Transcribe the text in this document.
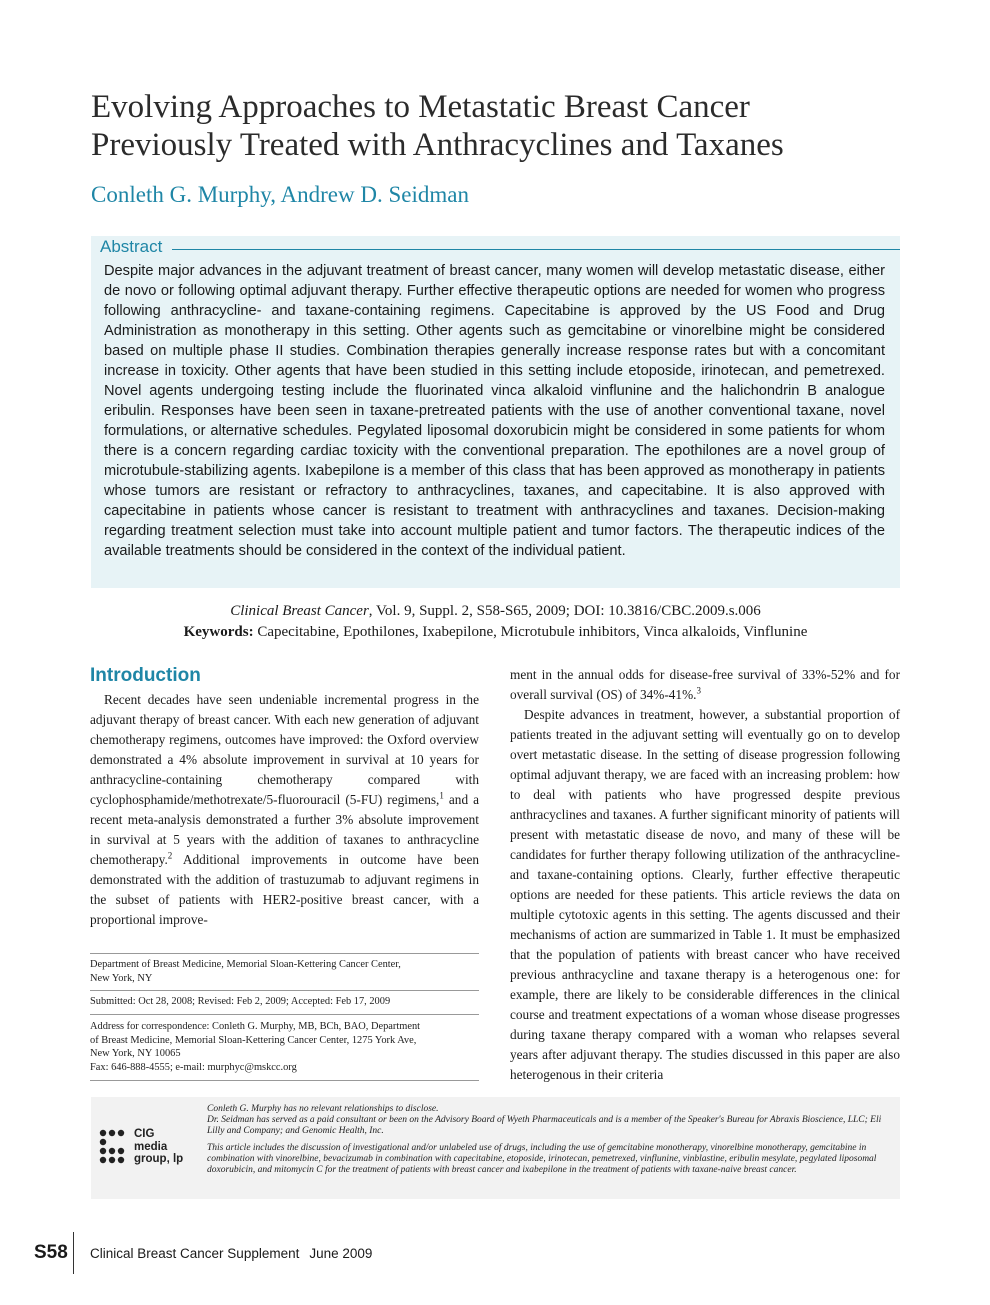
Evolving Approaches to Metastatic Breast Cancer
Previously Treated with Anthracyclines and Taxanes
Conleth G. Murphy, Andrew D. Seidman
Abstract

Despite major advances in the adjuvant treatment of breast cancer, many women will develop metastatic disease, either de novo or following optimal adjuvant therapy. Further effective therapeutic options are needed for women who progress following anthracycline- and taxane-containing regimens. Capecitabine is approved by the US Food and Drug Administration as monotherapy in this setting. Other agents such as gemcitabine or vinorelbine might be considered based on multiple phase II studies. Combination therapies generally increase response rates but with a concomitant increase in toxicity. Other agents that have been studied in this setting include etoposide, irinotecan, and pemetrexed. Novel agents undergoing testing include the fluorinated vinca alkaloid vinflunine and the halichondrin B analogue eribulin. Responses have been seen in taxane-pretreated patients with the use of another conventional taxane, novel formulations, or alternative schedules. Pegylated liposomal doxorubicin might be considered in some patients for whom there is a concern regarding cardiac toxicity with the conventional preparation. The epothilones are a novel group of microtubule-stabilizing agents. Ixabepilone is a member of this class that has been approved as monotherapy in patients whose tumors are resistant or refractory to anthracyclines, taxanes, and capecitabine. It is also approved with capecitabine in patients whose cancer is resistant to treatment with anthracyclines and taxanes. Decision-making regarding treatment selection must take into account multiple patient and tumor factors. The therapeutic indices of the available treatments should be considered in the context of the individual patient.

Clinical Breast Cancer, Vol. 9, Suppl. 2, S58-S65, 2009; DOI: 10.3816/CBC.2009.s.006
Keywords: Capecitabine, Epothilones, Ixabepilone, Microtubule inhibitors, Vinca alkaloids, Vinflunine
Introduction

Recent decades have seen undeniable incremental progress in the adjuvant therapy of breast cancer. With each new generation of adjuvant chemotherapy regimens, outcomes have improved: the Oxford overview demonstrated a 4% absolute improvement in survival at 10 years for anthracycline-containing chemotherapy compared with cyclophosphamide/methotrexate/5-fluorouracil (5-FU) regimens,$^1$ and a recent meta-analysis demonstrated a further 3% absolute improvement in survival at 5 years with the addition of taxanes to anthracycline chemotherapy.$^2$ Additional improvements in outcome have been demonstrated with the addition of trastuzumab to adjuvant regimens in the subset of patients with HER2-positive breast cancer, with a proportional improve-

ment in the annual odds for disease-free survival of 33%-52% and for overall survival (OS) of 34%-41%.$^3$

Despite advances in treatment, however, a substantial proportion of patients treated in the adjuvant setting will eventually go on to develop overt metastatic disease. In the setting of disease progression following optimal adjuvant therapy, we are faced with an increasing problem: how to deal with patients who have progressed despite previous anthracyclines and taxanes. A further significant minority of patients will present with metastatic disease de novo, and many of these will be candidates for further therapy following utilization of the anthracycline- and taxane-containing options. Clearly, further effective therapeutic options are needed for these patients. This article reviews the data on multiple cytotoxic agents in this setting. The agents discussed and their mechanisms of action are summarized in Table 1. It must be emphasized that the population of patients with breast cancer who have received previous anthracycline and taxane therapy is a heterogenous one: for example, there are likely to be considerable differences in the clinical course and treatment expectations of a woman whose disease progresses during taxane therapy compared with a woman who relapses several years after adjuvant therapy. The studies discussed in this paper are also heterogenous in their criteria

Department of Breast Medicine, Memorial Sloan-Kettering Cancer Center,
New York, NY
Submitted: Oct 28, 2008; Revised: Feb 2, 2009; Accepted: Feb 17, 2009
Address for correspondence: Conleth G. Murphy, MB, BCh, BAO, Department
of Breast Medicine, Memorial Sloan-Kettering Cancer Center, 1275 York Ave,
New York, NY 10065
Fax: 646-888-4555; e-mail: murphyc@mskcc.org

CIG
media
group, lp

Conleth G. Murphy has no relevant relationships to disclose.
Dr. Seidman has served as a paid consultant or been on the Advisory Board of Wyeth Pharmaceuticals and is a member of the Speaker's Bureau for Abraxis Bioscience, LLC; Eli Lilly and Company; and Genomic Health, Inc.

This article includes the discussion of investigational and/or unlabeled use of drugs, including the use of gemcitabine monotherapy, vinorelbine monotherapy, gemcitabine in combination with vinorelbine, bevacizumab in combination with capecitabine, etoposide, irinotecan, pemetrexed, vinflunine, vinblastine, eribulin mesylate, pegylated liposomal doxorubicin, and mitomycin C for the treatment of patients with breast cancer and ixabepilone in the treatment of patients with taxane-naive breast cancer.

S58 Clinical Breast Cancer Supplement June 2009
